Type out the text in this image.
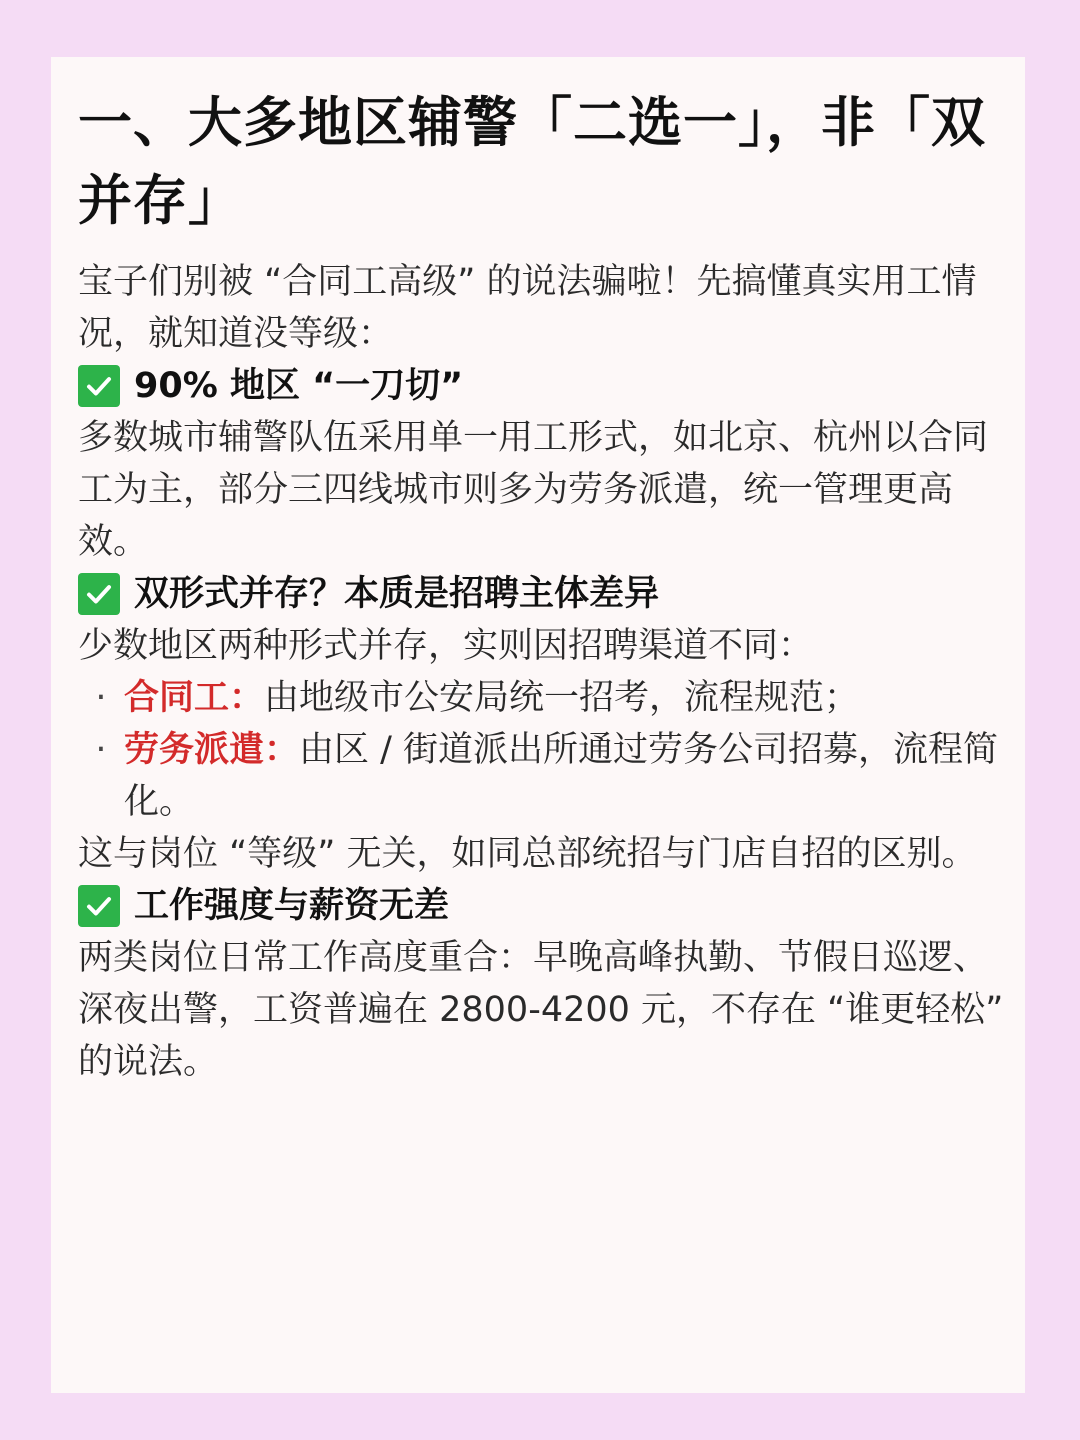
一、大多地区辅警「二选一」，非「双并存」

宝子们别被 “合同工高级” 的说法骗啦！先搞懂真实用工情况，就知道没等级：

90% 地区 “一刀切”

多数城市辅警队伍采用单一用工形式，如北京、杭州以合同工为主，部分三四线城市则多为劳务派遣，统一管理更高效。

双形式并存？本质是招聘主体差异

少数地区两种形式并存，实则因招聘渠道不同：

· 合同工：由地级市公安局统一招考，流程规范；
· 劳务派遣：由区 / 街道派出所通过劳务公司招募，流程简化。

这与岗位 “等级” 无关，如同总部统招与门店自招的区别。

工作强度与薪资无差

两类岗位日常工作高度重合：早晚高峰执勤、节假日巡逻、深夜出警，工资普遍在 2800-4200 元，不存在 “谁更轻松” 的说法。
